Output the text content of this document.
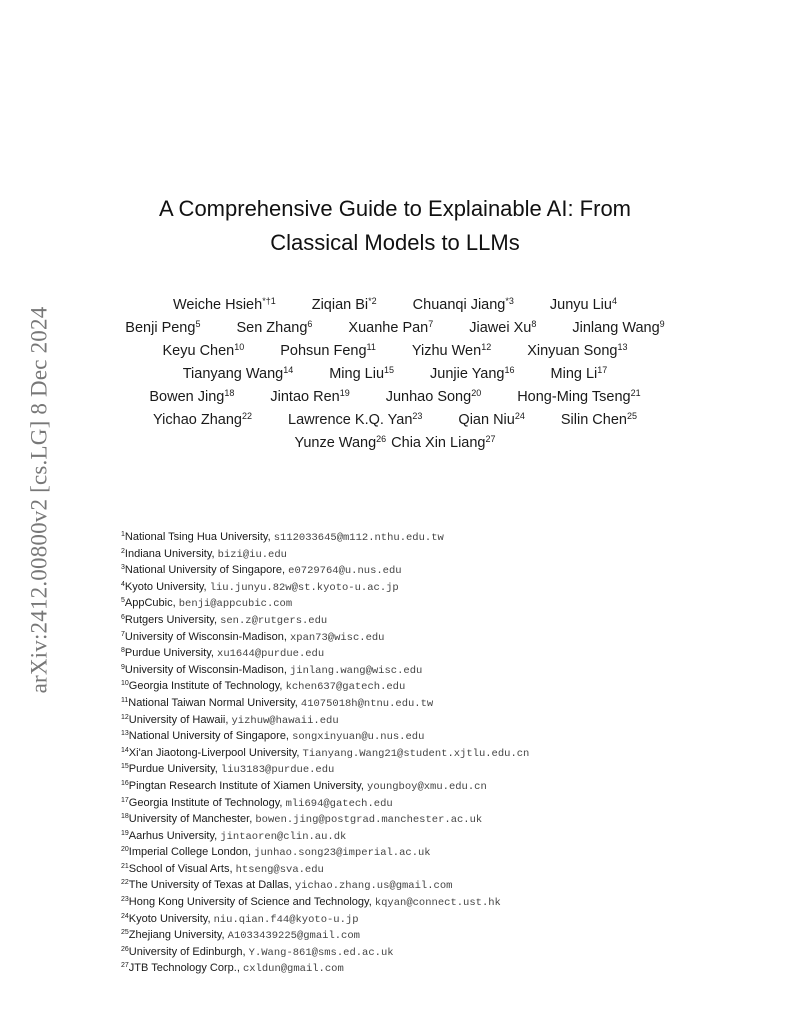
arXiv:2412.00800v2 [cs.LG] 8 Dec 2024
A Comprehensive Guide to Explainable AI: From
Classical Models to LLMs
Weiche Hsieh$^{*\dagger 1}$ Ziqian Bi$^{*2}$ Chuanqi Jiang$^{*3}$ Junyu Liu$^4$
Benji Peng$^5$ Sen Zhang$^6$ Xuanhe Pan$^7$ Jiawei Xu$^8$ Jinlang Wang$^9$
Keyu Chen$^{10}$ Pohsun Feng$^{11}$ Yizhu Wen$^{12}$ Xinyuan Song$^{13}$
Tianyang Wang$^{14}$ Ming Liu$^{15}$ Junjie Yang$^{16}$ Ming Li$^{17}$
Bowen Jing$^{18}$ Jintao Ren$^{19}$ Junhao Song$^{20}$ Hong-Ming Tseng$^{21}$
Yichao Zhang$^{22}$ Lawrence K.Q. Yan$^{23}$ Qian Niu$^{24}$ Silin Chen$^{25}$
Yunze Wang$^{26}$ Chia Xin Liang$^{27}$
$^1$National Tsing Hua University, s112033645@m112.nthu.edu.tw
$^2$Indiana University, bizi@iu.edu
$^3$National University of Singapore, e0729764@u.nus.edu
$^4$Kyoto University, liu.junyu.82w@st.kyoto-u.ac.jp
$^5$AppCubic, benji@appcubic.com
$^6$Rutgers University, sen.z@rutgers.edu
$^7$University of Wisconsin-Madison, xpan73@wisc.edu
$^8$Purdue University, xu1644@purdue.edu
$^9$University of Wisconsin-Madison, jinlang.wang@wisc.edu
$^{10}$Georgia Institute of Technology, kchen637@gatech.edu
$^{11}$National Taiwan Normal University, 41075018h@ntnu.edu.tw
$^{12}$University of Hawaii, yizhuw@hawaii.edu
$^{13}$National University of Singapore, songxinyuan@u.nus.edu
$^{14}$Xi'an Jiaotong-Liverpool University, Tianyang.Wang21@student.xjtlu.edu.cn
$^{15}$Purdue University, liu3183@purdue.edu
$^{16}$Pingtan Research Institute of Xiamen University, youngboy@xmu.edu.cn
$^{17}$Georgia Institute of Technology, mli694@gatech.edu
$^{18}$University of Manchester, bowen.jing@postgrad.manchester.ac.uk
$^{19}$Aarhus University, jintaoren@clin.au.dk
$^{20}$Imperial College London, junhao.song23@imperial.ac.uk
$^{21}$School of Visual Arts, htseng@sva.edu
$^{22}$The University of Texas at Dallas, yichao.zhang.us@gmail.com
$^{23}$Hong Kong University of Science and Technology, kqyan@connect.ust.hk
$^{24}$Kyoto University, niu.qian.f44@kyoto-u.jp
$^{25}$Zhejiang University, A1033439225@gmail.com
$^{26}$University of Edinburgh, Y.Wang-861@sms.ed.ac.uk
$^{27}$JTB Technology Corp., cxldun@gmail.com
